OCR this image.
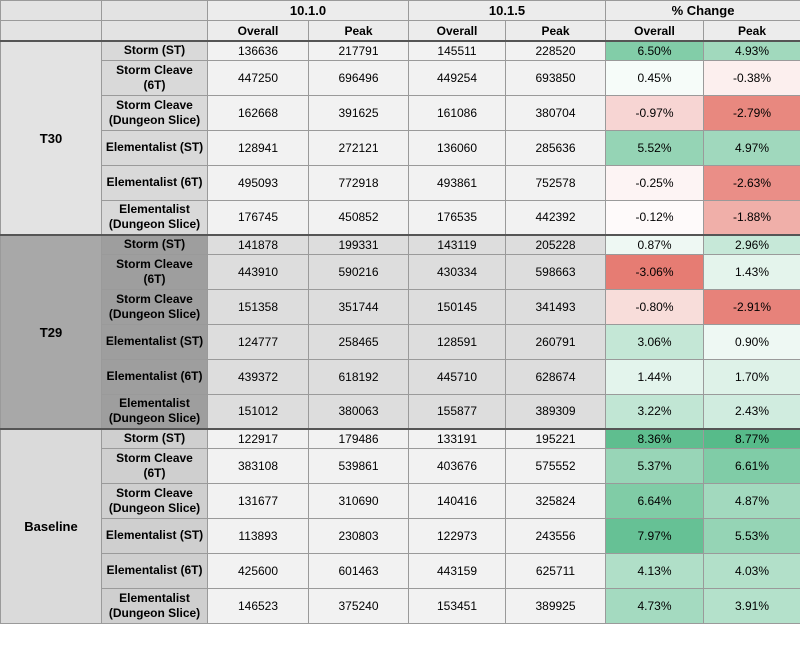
		10.1.0		10.1.5		% Change	
		Overall	Peak	Overall	Peak	Overall	Peak
T30	Storm (ST)	136636	217791	145511	228520	6.50%	4.93%
	Storm Cleave (6T)	447250	696496	449254	693850	0.45%	-0.38%
	Storm Cleave (Dungeon Slice)	162668	391625	161086	380704	-0.97%	-2.79%
	Elementalist (ST)	128941	272121	136060	285636	5.52%	4.97%
	Elementalist (6T)	495093	772918	493861	752578	-0.25%	-2.63%
	Elementalist (Dungeon Slice)	176745	450852	176535	442392	-0.12%	-1.88%
T29	Storm (ST)	141878	199331	143119	205228	0.87%	2.96%
	Storm Cleave (6T)	443910	590216	430334	598663	-3.06%	1.43%
	Storm Cleave (Dungeon Slice)	151358	351744	150145	341493	-0.80%	-2.91%
	Elementalist (ST)	124777	258465	128591	260791	3.06%	0.90%
	Elementalist (6T)	439372	618192	445710	628674	1.44%	1.70%
	Elementalist (Dungeon Slice)	151012	380063	155877	389309	3.22%	2.43%
Baseline	Storm (ST)	122917	179486	133191	195221	8.36%	8.77%
	Storm Cleave (6T)	383108	539861	403676	575552	5.37%	6.61%
	Storm Cleave (Dungeon Slice)	131677	310690	140416	325824	6.64%	4.87%
	Elementalist (ST)	113893	230803	122973	243556	7.97%	5.53%
	Elementalist (6T)	425600	601463	443159	625711	4.13%	4.03%
	Elementalist (Dungeon Slice)	146523	375240	153451	389925	4.73%	3.91%
